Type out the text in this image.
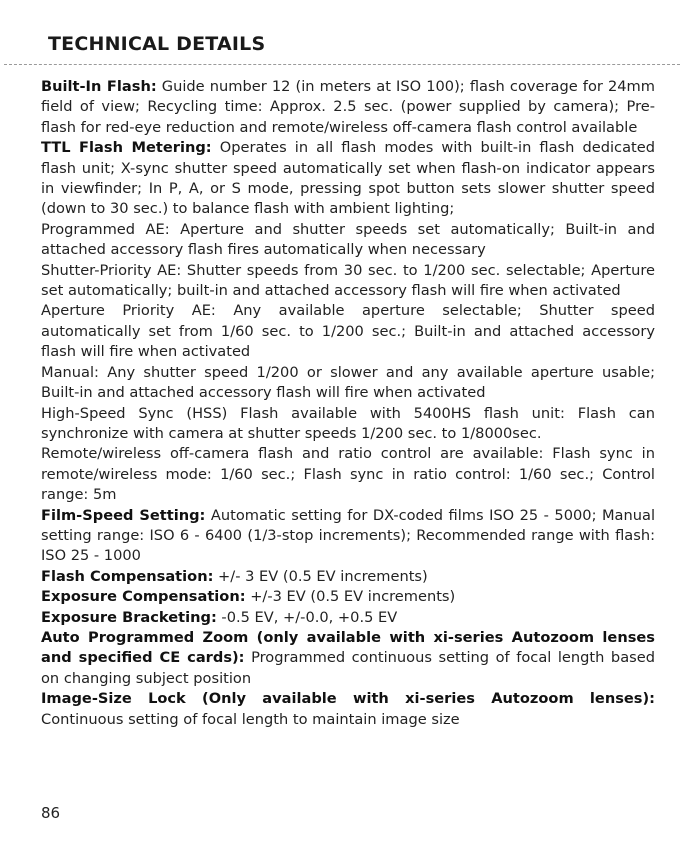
TECHNICAL DETAILS

Built-In Flash: Guide number 12 (in meters at ISO 100); flash coverage for 24mm field of view; Recycling time: Approx. 2.5 sec. (power supplied by camera); Pre-flash for red-eye reduction and remote/wireless off-camera flash control available

TTL Flash Metering: Operates in all flash modes with built-in flash dedicated flash unit; X-sync shutter speed automatically set when flash-on indicator appears in viewfinder; In P, A, or S mode, pressing spot button sets slower shutter speed (down to 30 sec.) to balance flash with ambient lighting;

Programmed AE: Aperture and shutter speeds set automatically; Built-in and attached accessory flash fires automatically when necessary

Shutter-Priority AE: Shutter speeds from 30 sec. to 1/200 sec. selectable; Aperture set automatically; built-in and attached accessory flash will fire when activated

Aperture Priority AE: Any available aperture selectable; Shutter speed automatically set from 1/60 sec. to 1/200 sec.; Built-in and attached accessory flash will fire when activated

Manual: Any shutter speed 1/200 or slower and any available aperture usable; Built-in and attached accessory flash will fire when activated

High-Speed Sync (HSS) Flash available with 5400HS flash unit: Flash can synchronize with camera at shutter speeds 1/200 sec. to 1/8000sec.

Remote/wireless off-camera flash and ratio control are available: Flash sync in remote/wireless mode: 1/60 sec.; Flash sync in ratio control: 1/60 sec.; Control range: 5m

Film-Speed Setting: Automatic setting for DX-coded films ISO 25 - 5000; Manual setting range: ISO 6 - 6400 (1/3-stop increments); Recommended range with flash: ISO 25 - 1000

Flash Compensation: +/- 3 EV (0.5 EV increments)

Exposure Compensation: +/-3 EV (0.5 EV increments)

Exposure Bracketing: -0.5 EV, +/-0.0, +0.5 EV

Auto Programmed Zoom (only available with xi-series Autozoom lenses and specified CE cards): Programmed continuous setting of focal length based on changing subject position

Image-Size Lock (Only available with xi-series Autozoom lenses): Continuous setting of focal length to maintain image size

86
